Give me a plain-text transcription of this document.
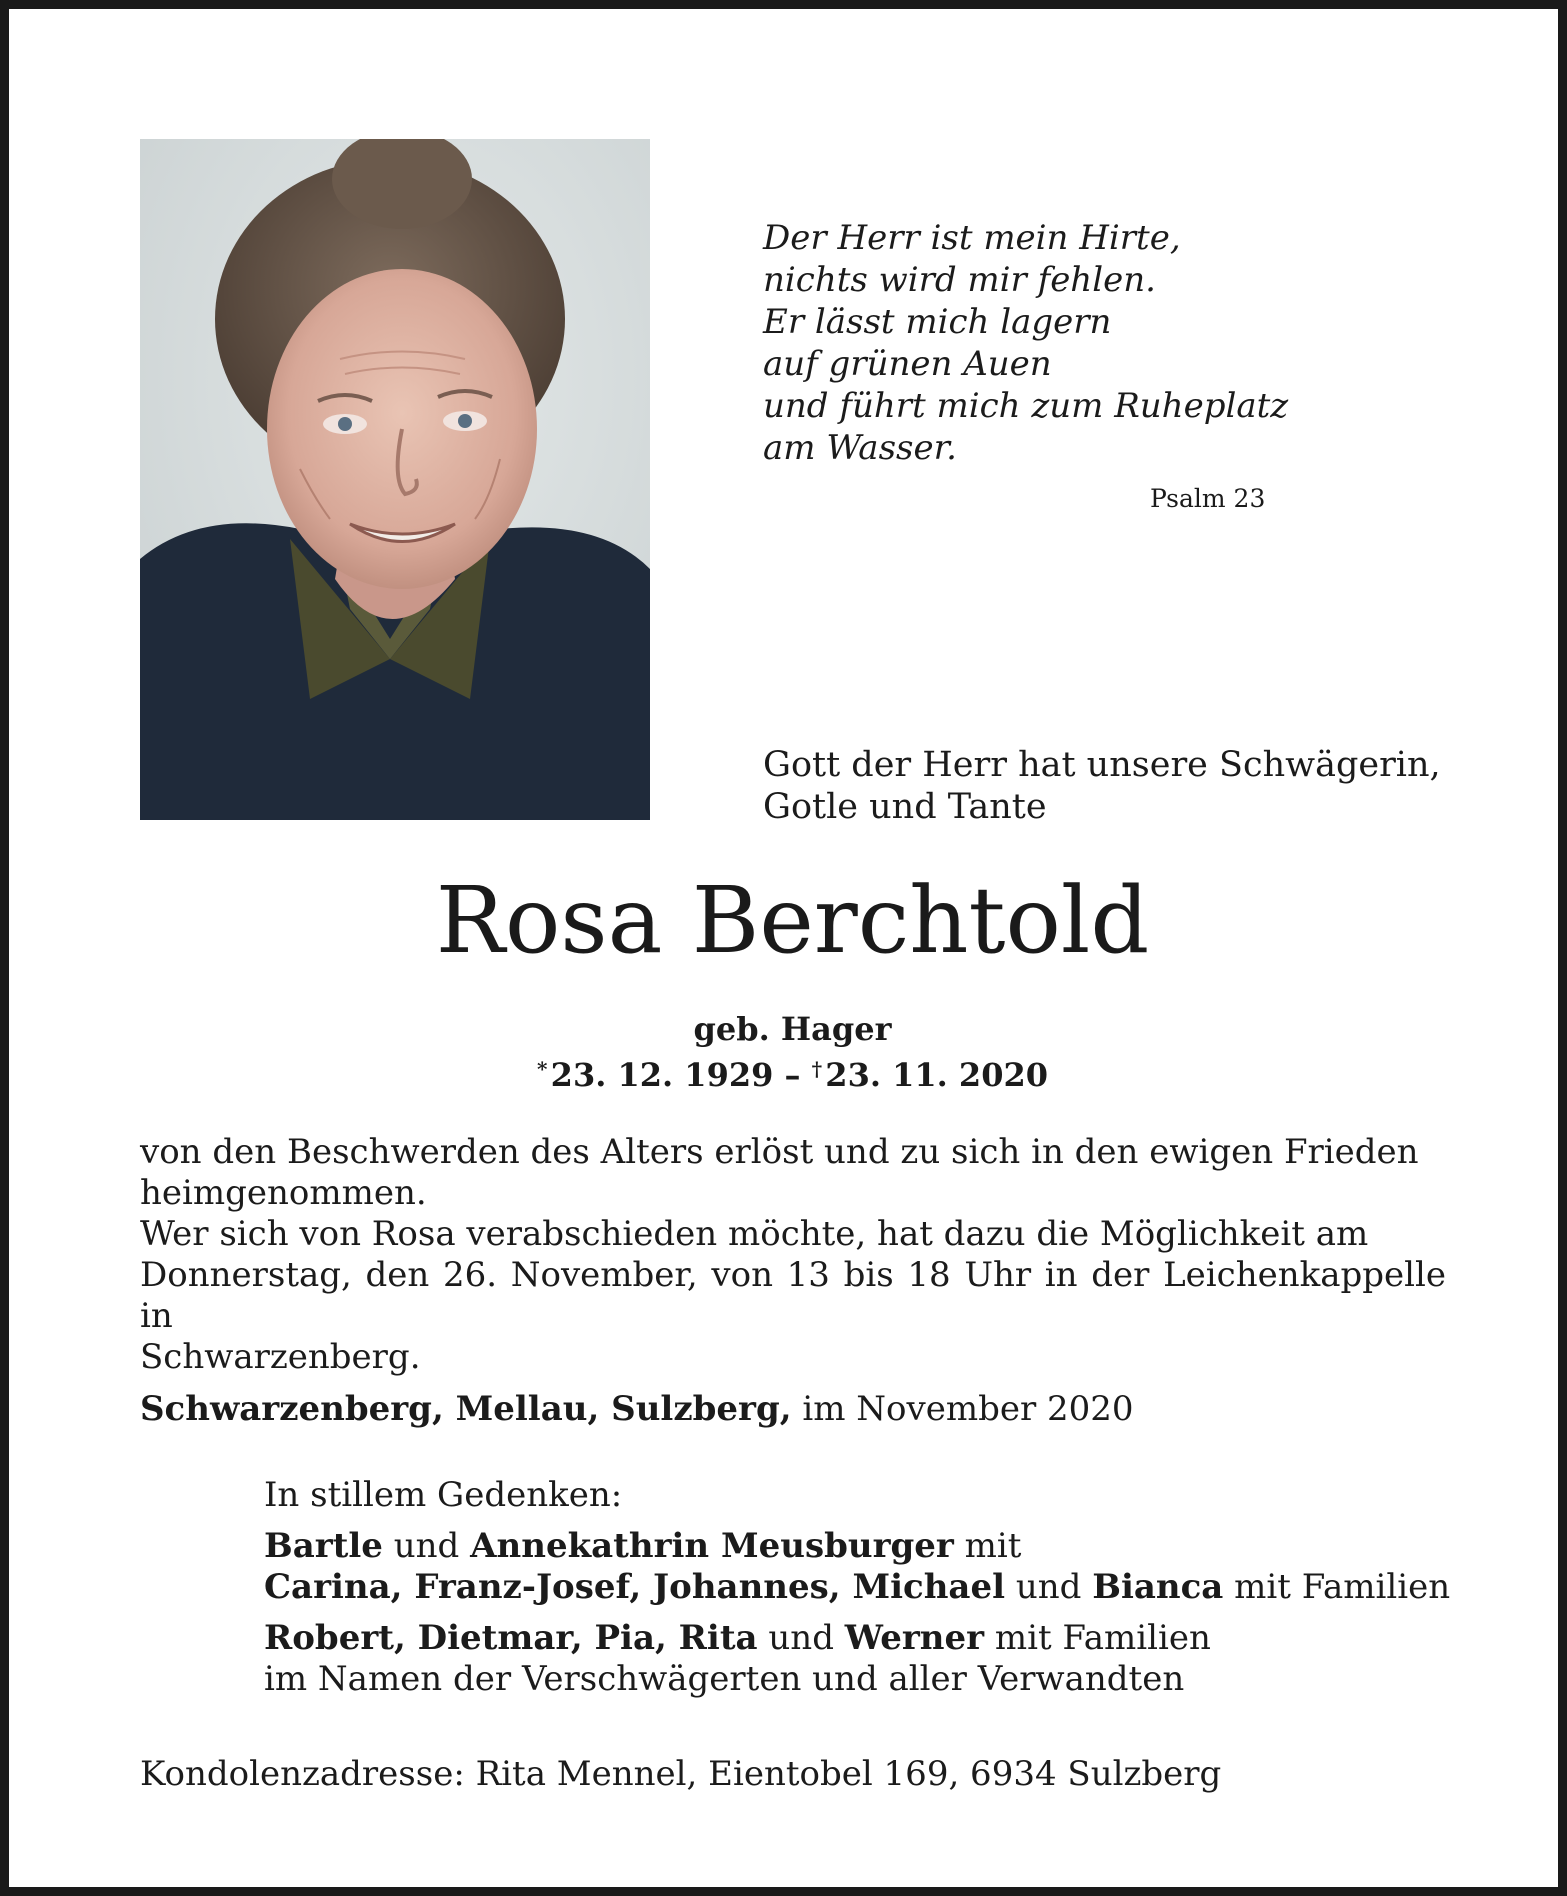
Der Herr ist mein Hirte,
nichts wird mir fehlen.
Er lässt mich lagern
auf grünen Auen
und führt mich zum Ruheplatz
am Wasser.
Psalm 23
Gott der Herr hat unsere Schwägerin,
Gotle und Tante
Rosa Berchtold
geb. Hager
* 23. 12. 1929 – † 23. 11. 2020
von den Beschwerden des Alters erlöst und zu sich in den ewigen Frieden
heimgenommen.
Wer sich von Rosa verabschieden möchte, hat dazu die Möglichkeit am
Donnerstag, den 26. November, von 13 bis 18 Uhr in der Leichenkappelle in
Schwarzenberg.
Schwarzenberg, Mellau, Sulzberg, im November 2020
In stillem Gedenken:
Bartle und Annekathrin Meusburger mit
Carina, Franz-Josef, Johannes, Michael und Bianca mit Familien
Robert, Dietmar, Pia, Rita und Werner mit Familien
im Namen der Verschwägerten und aller Verwandten
Kondolenzadresse: Rita Mennel, Eientobel 169, 6934 Sulzberg
